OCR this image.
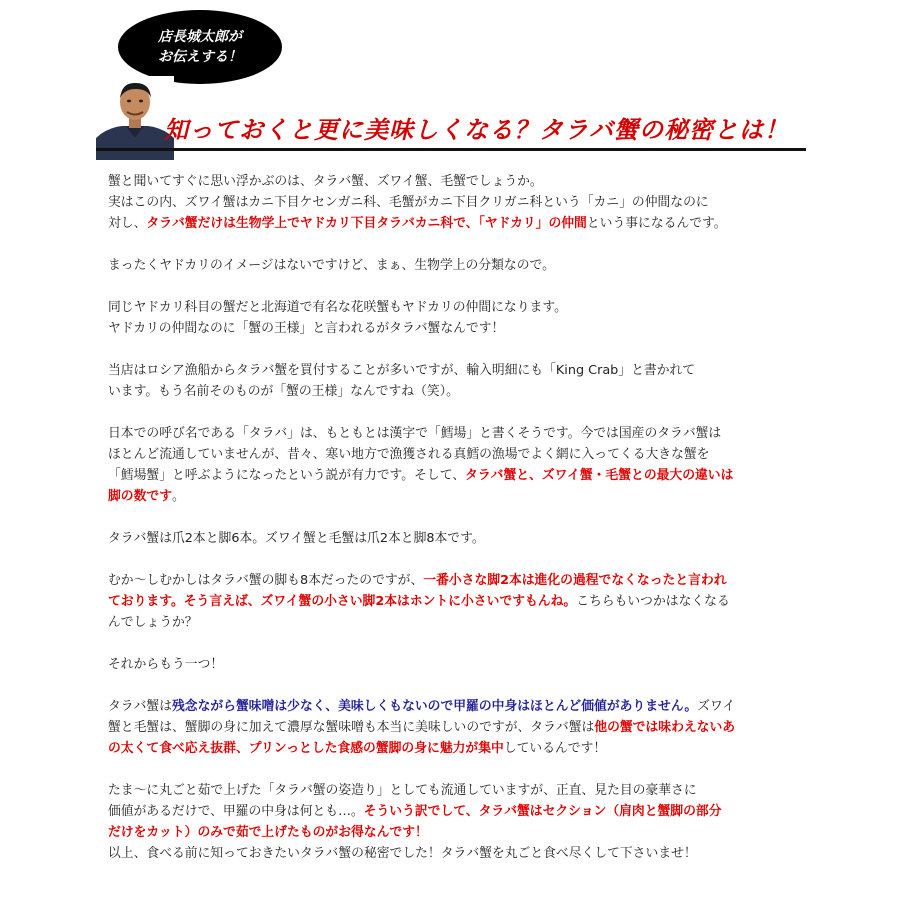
店長城太郎が
お伝えする！
知っておくと更に美味しくなる？タラバ蟹の秘密とは！

蟹と聞いてすぐに思い浮かぶのは、タラバ蟹、ズワイ蟹、毛蟹でしょうか。
実はこの内、ズワイ蟹はカニ下目ケセンガニ科、毛蟹がカニ下目クリガニ科という「カニ」の仲間なのに
対し、タラバ蟹だけは生物学上でヤドカリ下目タラバカニ科で、「ヤドカリ」の仲間という事になるんです。

まったくヤドカリのイメージはないですけど、まぁ、生物学上の分類なので。

同じヤドカリ科目の蟹だと北海道で有名な花咲蟹もヤドカリの仲間になります。
ヤドカリの仲間なのに「蟹の王様」と言われるがタラバ蟹なんです！

当店はロシア漁船からタラバ蟹を買付することが多いですが、輸入明細にも「King Crab」と書かれて
います。もう名前そのものが「蟹の王様」なんですね（笑）。

日本での呼び名である「タラバ」は、もともとは漢字で「鱈場」と書くそうです。今では国産のタラバ蟹は
ほとんど流通していませんが、昔々、寒い地方で漁獲される真鱈の漁場でよく網に入ってくる大きな蟹を
「鱈場蟹」と呼ぶようになったという説が有力です。そして、タラバ蟹と、ズワイ蟹・毛蟹との最大の違いは
脚の数です。

タラバ蟹は爪2本と脚6本。ズワイ蟹と毛蟹は爪2本と脚8本です。

むか～しむかしはタラバ蟹の脚も8本だったのですが、一番小さな脚2本は進化の過程でなくなったと言われ
ております。そう言えば、ズワイ蟹の小さい脚2本はホントに小さいですもんね。こちらもいつかはなくなる
んでしょうか？

それからもう一つ！

タラバ蟹は残念ながら蟹味噌は少なく、美味しくもないので甲羅の中身はほとんど価値がありません。ズワイ
蟹と毛蟹は、蟹脚の身に加えて濃厚な蟹味噌も本当に美味しいのですが、タラバ蟹は他の蟹では味わえないあ
の太くて食べ応え抜群、プリンっとした食感の蟹脚の身に魅力が集中しているんです！

たま～に丸ごと茹で上げた「タラバ蟹の姿造り」としても流通していますが、正直、見た目の豪華さに
価値があるだけで、甲羅の中身は何とも…。そういう訳でして、タラバ蟹はセクション（肩肉と蟹脚の部分
だけをカット）のみで茹で上げたものがお得なんです！
以上、食べる前に知っておきたいタラバ蟹の秘密でした！タラバ蟹を丸ごと食べ尽くして下さいませ！
